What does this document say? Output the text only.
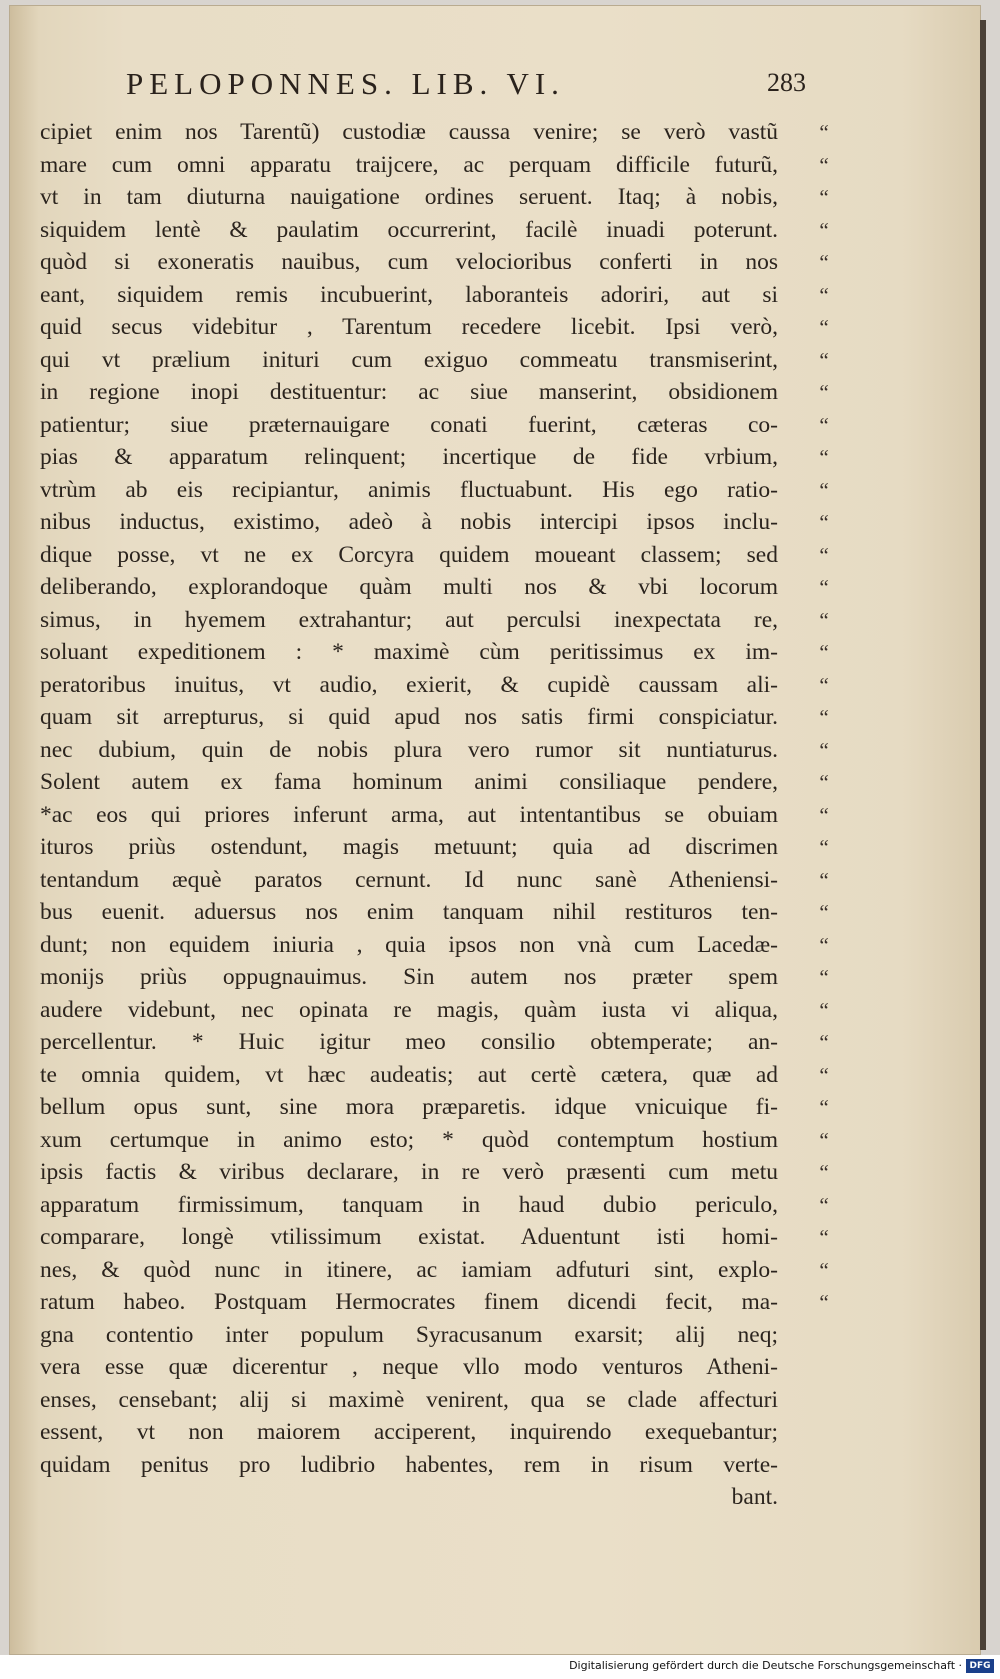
PELOPONNES. LIB. VI.	283
cipiet enim nos Tarentũ) custodiæ caussa venire; se verò vastũ	“
mare cum omni apparatu traijcere, ac perquam difficile futurũ,	“
vt in tam diuturna nauigatione ordines seruent. Itaq; à nobis,	“
siquidem lentè & paulatim occurrerint, facilè inuadi poterunt.	“
quòd si exoneratis nauibus, cum velocioribus conferti in nos	“
eant, siquidem remis incubuerint, laboranteis adoriri, aut si	“
quid secus videbitur , Tarentum recedere licebit. Ipsi verò,	“
qui vt prælium inituri cum exiguo commeatu transmiserint,	“
in regione inopi destituentur: ac siue manserint, obsidionem	“
patientur; siue præternauigare conati fuerint, cæteras co-	“
pias & apparatum relinquent; incertique de fide vrbium,	“
vtrùm ab eis recipiantur, animis fluctuabunt. His ego ratio-	“
nibus inductus, existimo, adeò à nobis intercipi ipsos inclu-	“
dique posse, vt ne ex Corcyra quidem moueant classem; sed	“
deliberando, explorandoque quàm multi nos & vbi locorum	“
simus, in hyemem extrahantur; aut perculsi inexpectata re,	“
soluant expeditionem : * maximè cùm peritissimus ex im-	“
peratoribus inuitus, vt audio, exierit, & cupidè caussam ali-	“
quam sit arrepturus, si quid apud nos satis firmi conspiciatur.	“
nec dubium, quin de nobis plura vero rumor sit nuntiaturus.	“
Solent autem ex fama hominum animi consiliaque pendere,	“
*ac eos qui priores inferunt arma, aut intentantibus se obuiam	“
ituros priùs ostendunt, magis metuunt; quia ad discrimen	“
tentandum æquè paratos cernunt. Id nunc sanè Atheniensi-	“
bus euenit. aduersus nos enim tanquam nihil restituros ten-	“
dunt; non equidem iniuria , quia ipsos non vnà cum Lacedæ-	“
monijs priùs oppugnauimus. Sin autem nos præter spem	“
audere videbunt, nec opinata re magis, quàm iusta vi aliqua,	“
percellentur. * Huic igitur meo consilio obtemperate; an-	“
te omnia quidem, vt hæc audeatis; aut certè cætera, quæ ad	“
bellum opus sunt, sine mora præparetis. idque vnicuique fi-	“
xum certumque in animo esto; * quòd contemptum hostium	“
ipsis factis & viribus declarare, in re verò præsenti cum metu	“
apparatum firmissimum, tanquam in haud dubio periculo,	“
comparare, longè vtilissimum existat. Aduentunt isti homi-	“
nes, & quòd nunc in itinere, ac iamiam adfuturi sint, explo-	“
ratum habeo. Postquam Hermocrates finem dicendi fecit, ma-	“
gna contentio inter populum Syracusanum exarsit; alij neq;
vera esse quæ dicerentur , neque vllo modo venturos Atheni-
enses, censebant; alij si maximè venirent, qua se clade affecturi
essent, vt non maiorem acciperent, inquirendo exequebantur;
quidam penitus pro ludibrio habentes, rem in risum verte-
bant.
Digitalisierung gefördert durch die Deutsche Forschungsgemeinschaft · DFG
